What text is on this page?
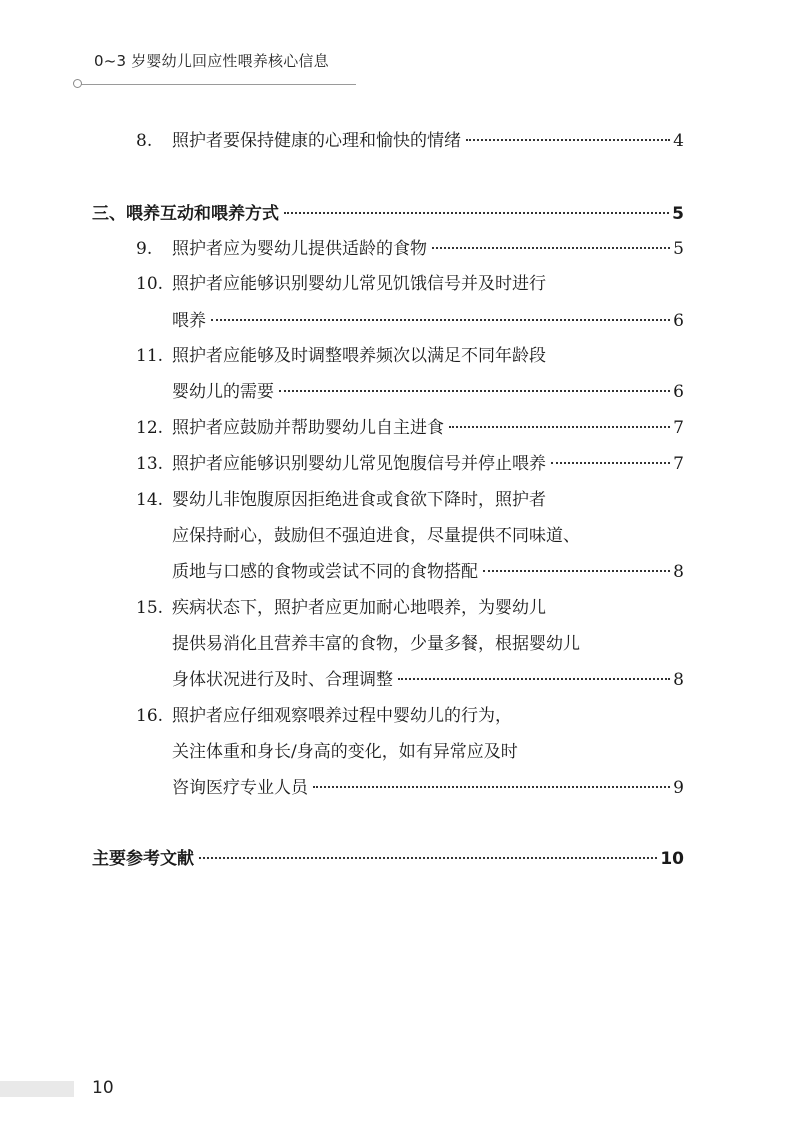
0~3 岁婴幼儿回应性喂养核心信息
8.	照护者要保持健康的心理和愉快的情绪	4
三、喂养互动和喂养方式	5
9.	照护者应为婴幼儿提供适龄的食物	5
10. 照护者应能够识别婴幼儿常见饥饿信号并及时进行
喂养	6
11. 照护者应能够及时调整喂养频次以满足不同年龄段
婴幼儿的需要	6
12. 照护者应鼓励并帮助婴幼儿自主进食	7
13. 照护者应能够识别婴幼儿常见饱腹信号并停止喂养	7
14. 婴幼儿非饱腹原因拒绝进食或食欲下降时，照护者
应保持耐心，鼓励但不强迫进食，尽量提供不同味道、
质地与口感的食物或尝试不同的食物搭配	8
15. 疾病状态下，照护者应更加耐心地喂养，为婴幼儿
提供易消化且营养丰富的食物，少量多餐，根据婴幼儿
身体状况进行及时、合理调整	8
16. 照护者应仔细观察喂养过程中婴幼儿的行为，
关注体重和身长/身高的变化，如有异常应及时
咨询医疗专业人员	9
主要参考文献	10
10
